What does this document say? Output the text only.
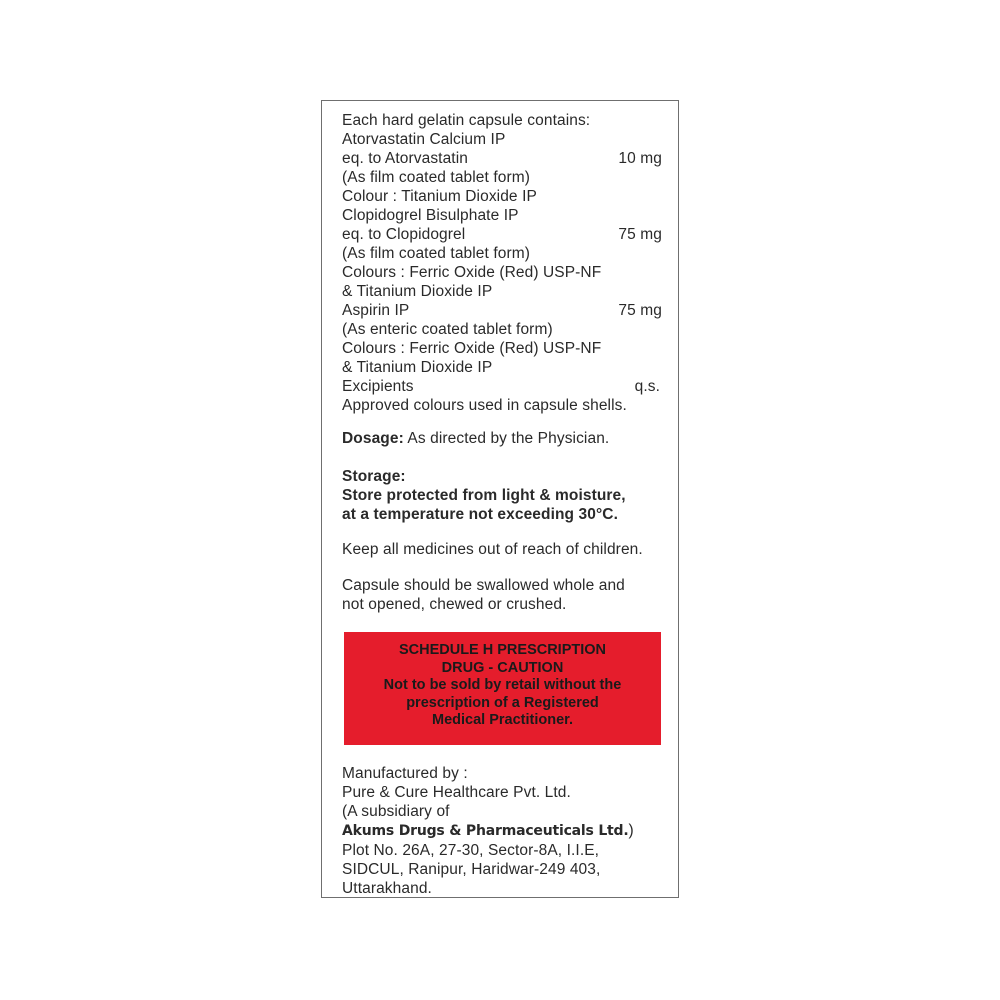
Each hard gelatin capsule contains:
Atorvastatin Calcium IP
eq. to Atorvastatin	10 mg
(As film coated tablet form)
Colour : Titanium Dioxide IP
Clopidogrel Bisulphate IP
eq. to Clopidogrel	75 mg
(As film coated tablet form)
Colours : Ferric Oxide (Red) USP-NF
& Titanium Dioxide IP
Aspirin IP	75 mg
(As enteric coated tablet form)
Colours : Ferric Oxide (Red) USP-NF
& Titanium Dioxide IP
Excipients	q.s.
Approved colours used in capsule shells.
Dosage: As directed by the Physician.
Storage:
Store protected from light & moisture,
at a temperature not exceeding 30°C.
Keep all medicines out of reach of children.
Capsule should be swallowed whole and
not opened, chewed or crushed.
SCHEDULE H PRESCRIPTION
DRUG - CAUTION
Not to be sold by retail without the
prescription of a Registered
Medical Practitioner.
Manufactured by :
Pure & Cure Healthcare Pvt. Ltd.
(A subsidiary of
Akums Drugs & Pharmaceuticals Ltd.)
Plot No. 26A, 27-30, Sector-8A, I.I.E,
SIDCUL, Ranipur, Haridwar-249 403,
Uttarakhand.
